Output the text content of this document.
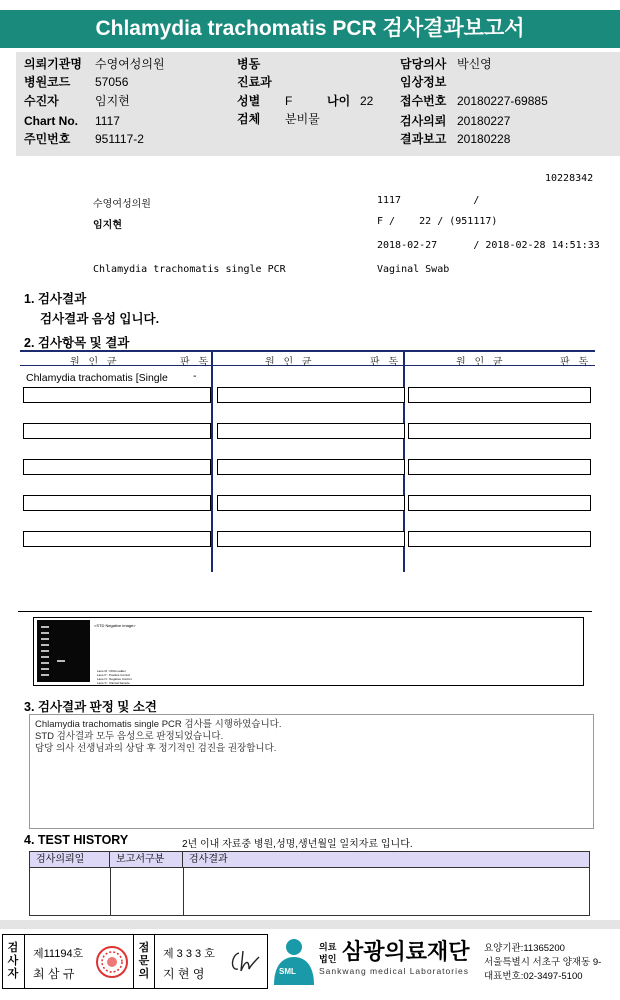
Chlamydia trachomatis PCR 검사결과보고서
의뢰기관명 수영여성의원	병동	담당의사 박신영
병원코드 57056	진료과	임상정보
수진자	임지현	성별 F	나이 22 접수번호 20180227-69885
Chart No. 1117	검체 분비물	검사의뢰 20180227
주민번호 951117-2	결과보고 20180228
10228342
수영여성의원	1117            /
임지현	F /    22 / (951117)
2018-02-27      / 2018-02-28 14:51:33
Chlamydia trachomatis single PCR	Vaginal Swab
1. 검사결과
검사결과 음성 입니다.
2. 검사항목 및 결과
원 인 균	판 독	원 인 균	판 독	원 인 균	판 독
Chlamydia trachomatis [Single -
<STD Negative image>
Lane M : DNA Ladder
Lane P : Positive Control
Lane N : Negative Control
Lane S : Clinical Sample
3. 검사결과 판정 및 소견
Chlamydia trachomatis single PCR 검사를 시행하였습니다.
STD 검사결과 모두 음성으로 판정되었습니다.
담당 의사 선생님과의 상담 후 정기적인 검진을 권장합니다.
4. TEST HISTORY	2년 이내 자료중 병원,성명,생년월일 일치자료 입니다.
검사의뢰일	보고서구분	검사결과
검
사
자
제11194호
최 삼 규
점
문
의
제 3 3 3 호
지 현 영	SML
의료
법인 삼광의료재단
Sankwang medical Laboratories
요양기관:11365200
서울특별시 서초구 양재동 9-
대표번호:02-3497-5100
